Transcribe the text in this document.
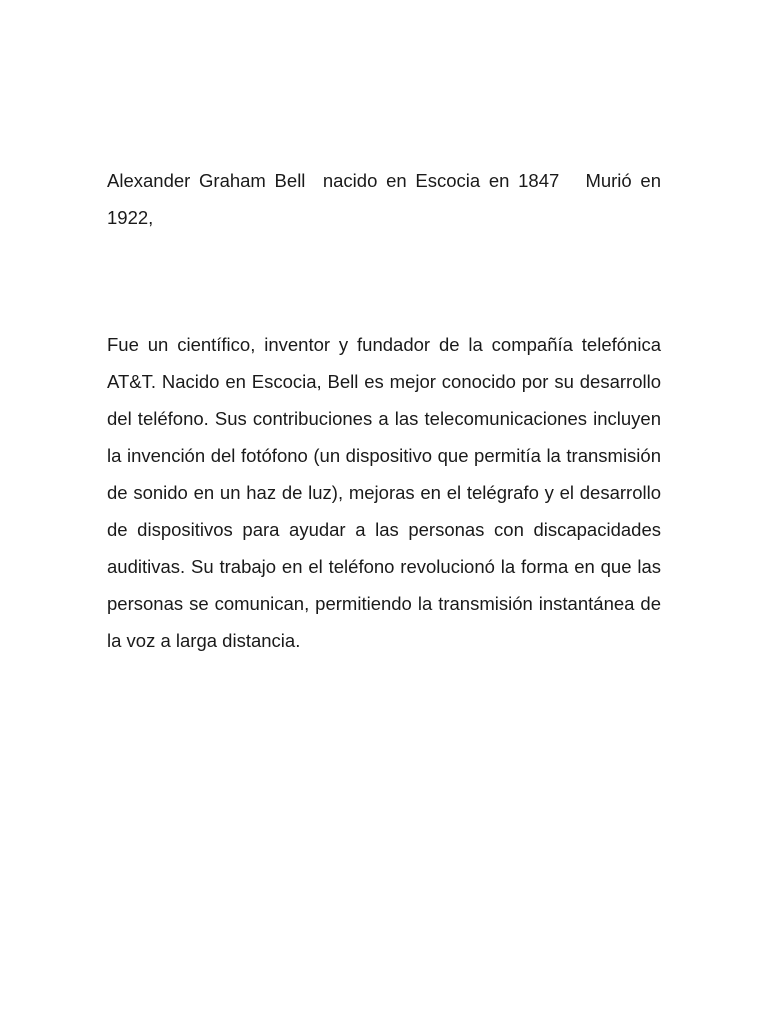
Alexander Graham Bell  nacido en Escocia en 1847   Murió en 1922,

Fue un científico, inventor y fundador de la compañía telefónica AT&T. Nacido en Escocia, Bell es mejor conocido por su desarrollo del teléfono. Sus contribuciones a las telecomunicaciones incluyen la invención del fotófono (un dispositivo que permitía la transmisión de sonido en un haz de luz), mejoras en el telégrafo y el desarrollo de dispositivos para ayudar a las personas con discapacidades auditivas. Su trabajo en el teléfono revolucionó la forma en que las personas se comunican, permitiendo la transmisión instantánea de la voz a larga distancia.
